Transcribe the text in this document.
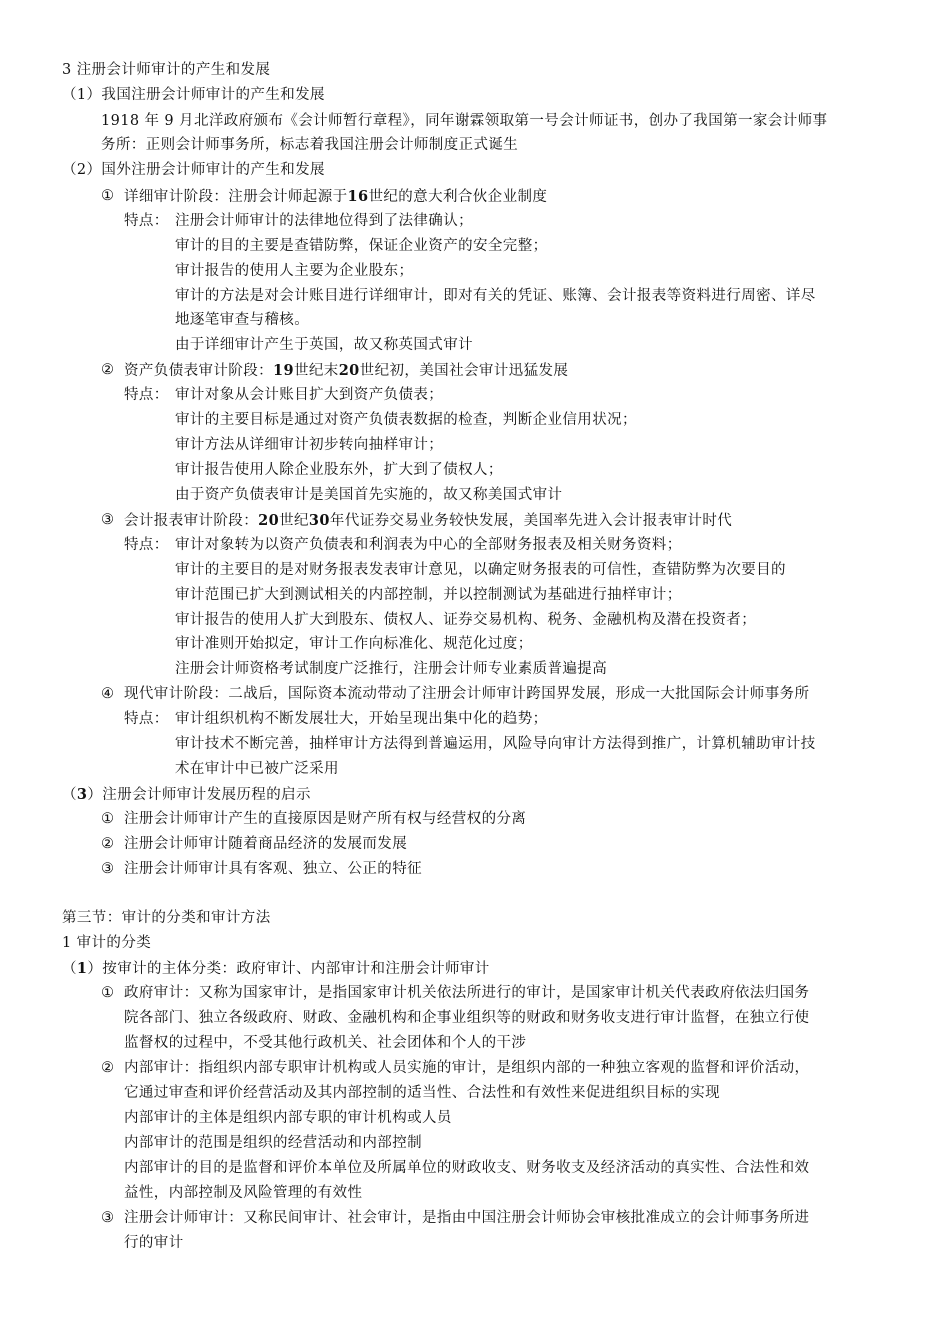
3 注册会计师审计的产生和发展
（1）我国注册会计师审计的产生和发展
1918 年 9 月北洋政府颁布《会计师暂行章程》，同年谢霖领取第一号会计师证书，创办了我国第一家会计师事
务所：正则会计师事务所，标志着我国注册会计师制度正式诞生
（2）国外注册会计师审计的产生和发展
① 详细审计阶段：注册会计师起源于16世纪的意大利合伙企业制度
特点： 注册会计师审计的法律地位得到了法律确认；
审计的目的主要是查错防弊，保证企业资产的安全完整；
审计报告的使用人主要为企业股东；
审计的方法是对会计账目进行详细审计，即对有关的凭证、账簿、会计报表等资料进行周密、详尽
地逐笔审查与稽核。
由于详细审计产生于英国，故又称英国式审计
② 资产负债表审计阶段：19世纪末20世纪初，美国社会审计迅猛发展
特点： 审计对象从会计账目扩大到资产负债表；
审计的主要目标是通过对资产负债表数据的检查，判断企业信用状况；
审计方法从详细审计初步转向抽样审计；
审计报告使用人除企业股东外，扩大到了债权人；
由于资产负债表审计是美国首先实施的，故又称美国式审计
③ 会计报表审计阶段：20世纪30年代证券交易业务较快发展，美国率先进入会计报表审计时代
特点： 审计对象转为以资产负债表和利润表为中心的全部财务报表及相关财务资料；
审计的主要目的是对财务报表发表审计意见，以确定财务报表的可信性，查错防弊为次要目的
审计范围已扩大到测试相关的内部控制，并以控制测试为基础进行抽样审计；
审计报告的使用人扩大到股东、债权人、证券交易机构、税务、金融机构及潜在投资者；
审计准则开始拟定，审计工作向标准化、规范化过度；
注册会计师资格考试制度广泛推行，注册会计师专业素质普遍提高
④ 现代审计阶段：二战后，国际资本流动带动了注册会计师审计跨国界发展，形成一大批国际会计师事务所
特点： 审计组织机构不断发展壮大，开始呈现出集中化的趋势；
审计技术不断完善，抽样审计方法得到普遍运用，风险导向审计方法得到推广，计算机辅助审计技
术在审计中已被广泛采用
（3）注册会计师审计发展历程的启示
① 注册会计师审计产生的直接原因是财产所有权与经营权的分离
② 注册会计师审计随着商品经济的发展而发展
③ 注册会计师审计具有客观、独立、公正的特征
第三节：审计的分类和审计方法
1 审计的分类
（1）按审计的主体分类：政府审计、内部审计和注册会计师审计
① 政府审计：又称为国家审计，是指国家审计机关依法所进行的审计，是国家审计机关代表政府依法归国务
院各部门、独立各级政府、财政、金融机构和企事业组织等的财政和财务收支进行审计监督，在独立行使
监督权的过程中，不受其他行政机关、社会团体和个人的干涉
② 内部审计：指组织内部专职审计机构或人员实施的审计，是组织内部的一种独立客观的监督和评价活动，
它通过审查和评价经营活动及其内部控制的适当性、合法性和有效性来促进组织目标的实现
内部审计的主体是组织内部专职的审计机构或人员
内部审计的范围是组织的经营活动和内部控制
内部审计的目的是监督和评价本单位及所属单位的财政收支、财务收支及经济活动的真实性、合法性和效
益性，内部控制及风险管理的有效性
③ 注册会计师审计：又称民间审计、社会审计，是指由中国注册会计师协会审核批准成立的会计师事务所进
行的审计
